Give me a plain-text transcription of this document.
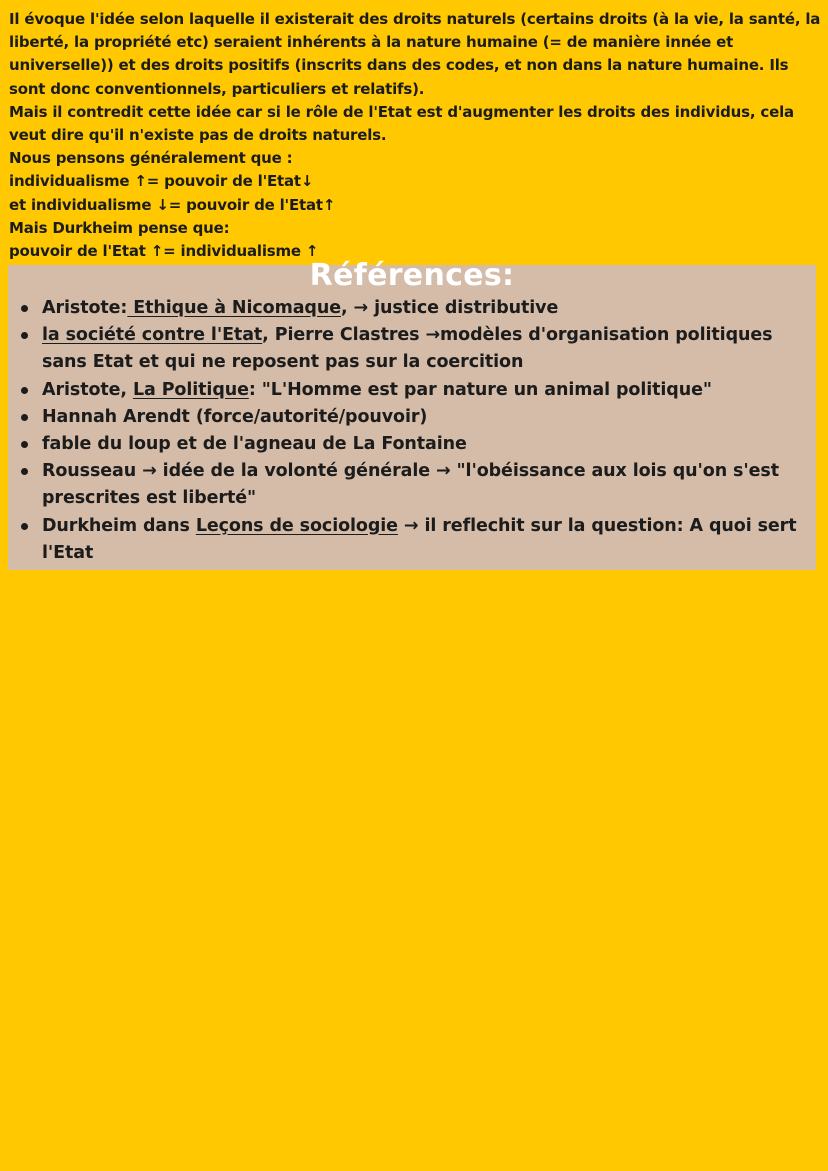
Il évoque l'idée selon laquelle il existerait des droits naturels (certains droits (à la vie, la santé, la liberté, la propriété etc) seraient inhérents à la nature humaine (= de manière innée et universelle)) et des droits positifs (inscrits dans des codes, et non dans la nature humaine. Ils sont donc conventionnels, particuliers et relatifs).

Mais il contredit cette idée car si le rôle de l'Etat est d'augmenter les droits des individus, cela veut dire qu'il n'existe pas de droits naturels.

Nous pensons généralement que :

individualisme ↑= pouvoir de l'Etat↓

et individualisme ↓= pouvoir de l'Etat↑

Mais Durkheim pense que:

pouvoir de l'Etat ↑= individualisme ↑

Références:
Aristote: Ethique à Nicomaque, → justice distributive
la société contre l'Etat, Pierre Clastres →modèles d'organisation politiques sans Etat et qui ne reposent pas sur la coercition
Aristote, La Politique: "L'Homme est par nature un animal politique"
Hannah Arendt (force/autorité/pouvoir)
fable du loup et de l'agneau de La Fontaine
Rousseau → idée de la volonté générale → "l'obéissance aux lois qu'on s'est prescrites est liberté"
Durkheim dans Leçons de sociologie → il reflechit sur la question: A quoi sert l'Etat
